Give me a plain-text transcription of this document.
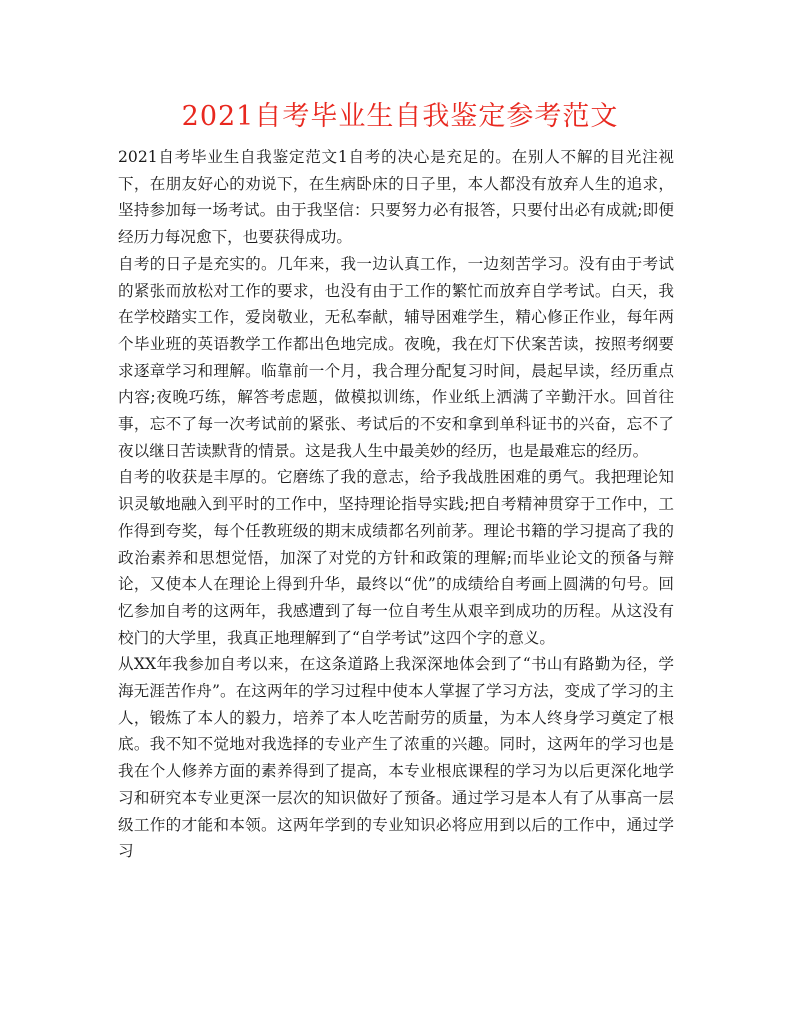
2021自考毕业生自我鉴定参考范文

2021自考毕业生自我鉴定范文1自考的决心是充足的。在别人不解的目光注视下，在朋友好心的劝说下，在生病卧床的日子里，本人都没有放弃人生的追求，坚持参加每一场考试。由于我坚信：只要努力必有报答，只要付出必有成就;即便经历力每况愈下，也要获得成功。

自考的日子是充实的。几年来，我一边认真工作，一边刻苦学习。没有由于考试的紧张而放松对工作的要求，也没有由于工作的繁忙而放弃自学考试。白天，我在学校踏实工作，爱岗敬业，无私奉献，辅导困难学生，精心修正作业，每年两个毕业班的英语教学工作都出色地完成。夜晚，我在灯下伏案苦读，按照考纲要求逐章学习和理解。临靠前一个月，我合理分配复习时间，晨起早读，经历重点内容;夜晚巧练，解答考虑题，做模拟训练，作业纸上洒满了辛勤汗水。回首往事，忘不了每一次考试前的紧张、考试后的不安和拿到单科证书的兴奋，忘不了夜以继日苦读默背的情景。这是我人生中最美妙的经历，也是最难忘的经历。

自考的收获是丰厚的。它磨练了我的意志，给予我战胜困难的勇气。我把理论知识灵敏地融入到平时的工作中，坚持理论指导实践;把自考精神贯穿于工作中，工作得到夸奖，每个任教班级的期末成绩都名列前茅。理论书籍的学习提高了我的政治素养和思想觉悟，加深了对党的方针和政策的理解;而毕业论文的预备与辩论，又使本人在理论上得到升华，最终以“优”的成绩给自考画上圆满的句号。回忆参加自考的这两年，我感遭到了每一位自考生从艰辛到成功的历程。从这没有校门的大学里，我真正地理解到了“自学考试”这四个字的意义。

从XX年我参加自考以来，在这条道路上我深深地体会到了“书山有路勤为径，学海无涯苦作舟”。在这两年的学习过程中使本人掌握了学习方法，变成了学习的主人，锻炼了本人的毅力，培养了本人吃苦耐劳的质量，为本人终身学习奠定了根底。我不知不觉地对我选择的专业产生了浓重的兴趣。同时，这两年的学习也是我在个人修养方面的素养得到了提高，本专业根底课程的学习为以后更深化地学习和研究本专业更深一层次的知识做好了预备。通过学习是本人有了从事高一层级工作的才能和本领。这两年学到的专业知识必将应用到以后的工作中，通过学习
